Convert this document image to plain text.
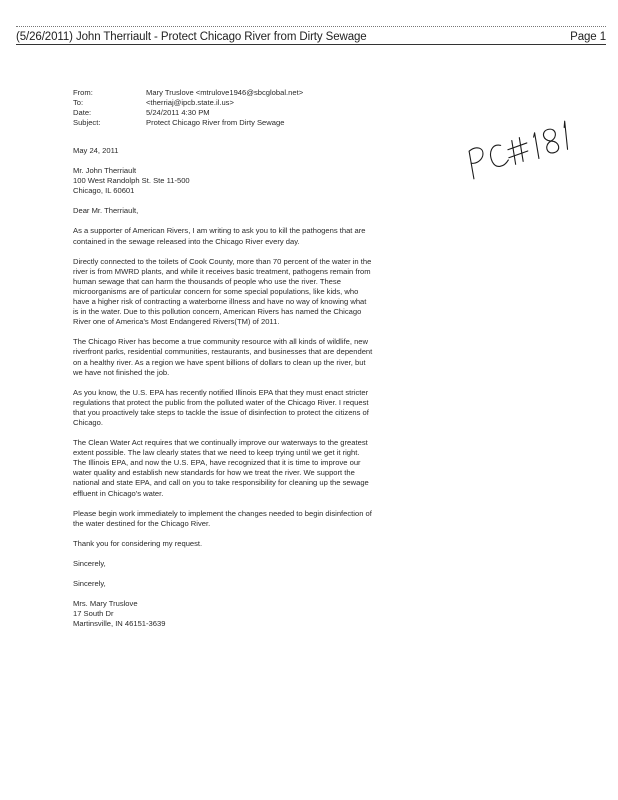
(5/26/2011) John Therriault - Protect Chicago River from Dirty Sewage	Page 1
From:	Mary Truslove <mtrulove1946@sbcglobal.net>
To:	<therriaj@ipcb.state.il.us>
Date:	5/24/2011 4:30 PM
Subject:	Protect Chicago River from Dirty Sewage
May 24, 2011
Mr. John Therriault
100 West Randolph St. Ste 11-500
Chicago, IL 60601

Dear Mr. Therriault,

As a supporter of American Rivers, I am writing to ask you to kill the pathogens that are contained in the sewage released into the Chicago River every day.

Directly connected to the toilets of Cook County, more than 70 percent of the water in the river is from MWRD plants, and while it receives basic treatment, pathogens remain from human sewage that can harm the thousands of people who use the river. These microorganisms are of particular concern for some special populations, like kids, who have a higher risk of contracting a waterborne illness and have no way of knowing what is in the water. Due to this pollution concern, American Rivers has named the Chicago River one of America's Most Endangered Rivers(TM) of 2011.

The Chicago River has become a true community resource with all kinds of wildlife, new riverfront parks, residential communities, restaurants, and businesses that are dependent on a healthy river. As a region we have spent billions of dollars to clean up the river, but we have not finished the job.

As you know, the U.S. EPA has recently notified Illinois EPA that they must enact stricter regulations that protect the public from the polluted water of the Chicago River. I request that you proactively take steps to tackle the issue of disinfection to protect the citizens of Chicago.

The Clean Water Act requires that we continually improve our waterways to the greatest extent possible. The law clearly states that we need to keep trying until we get it right. The Illinois EPA, and now the U.S. EPA, have recognized that it is time to improve our water quality and establish new standards for how we treat the river. We support the national and state EPA, and call on you to take responsibility for cleaning up the sewage effluent in Chicago's water.

Please begin work immediately to implement the changes needed to begin disinfection of the water destined for the Chicago River.

Thank you for considering my request.

Sincerely,

Sincerely,

Mrs. Mary Truslove
17 South Dr
Martinsville, IN 46151-3639
